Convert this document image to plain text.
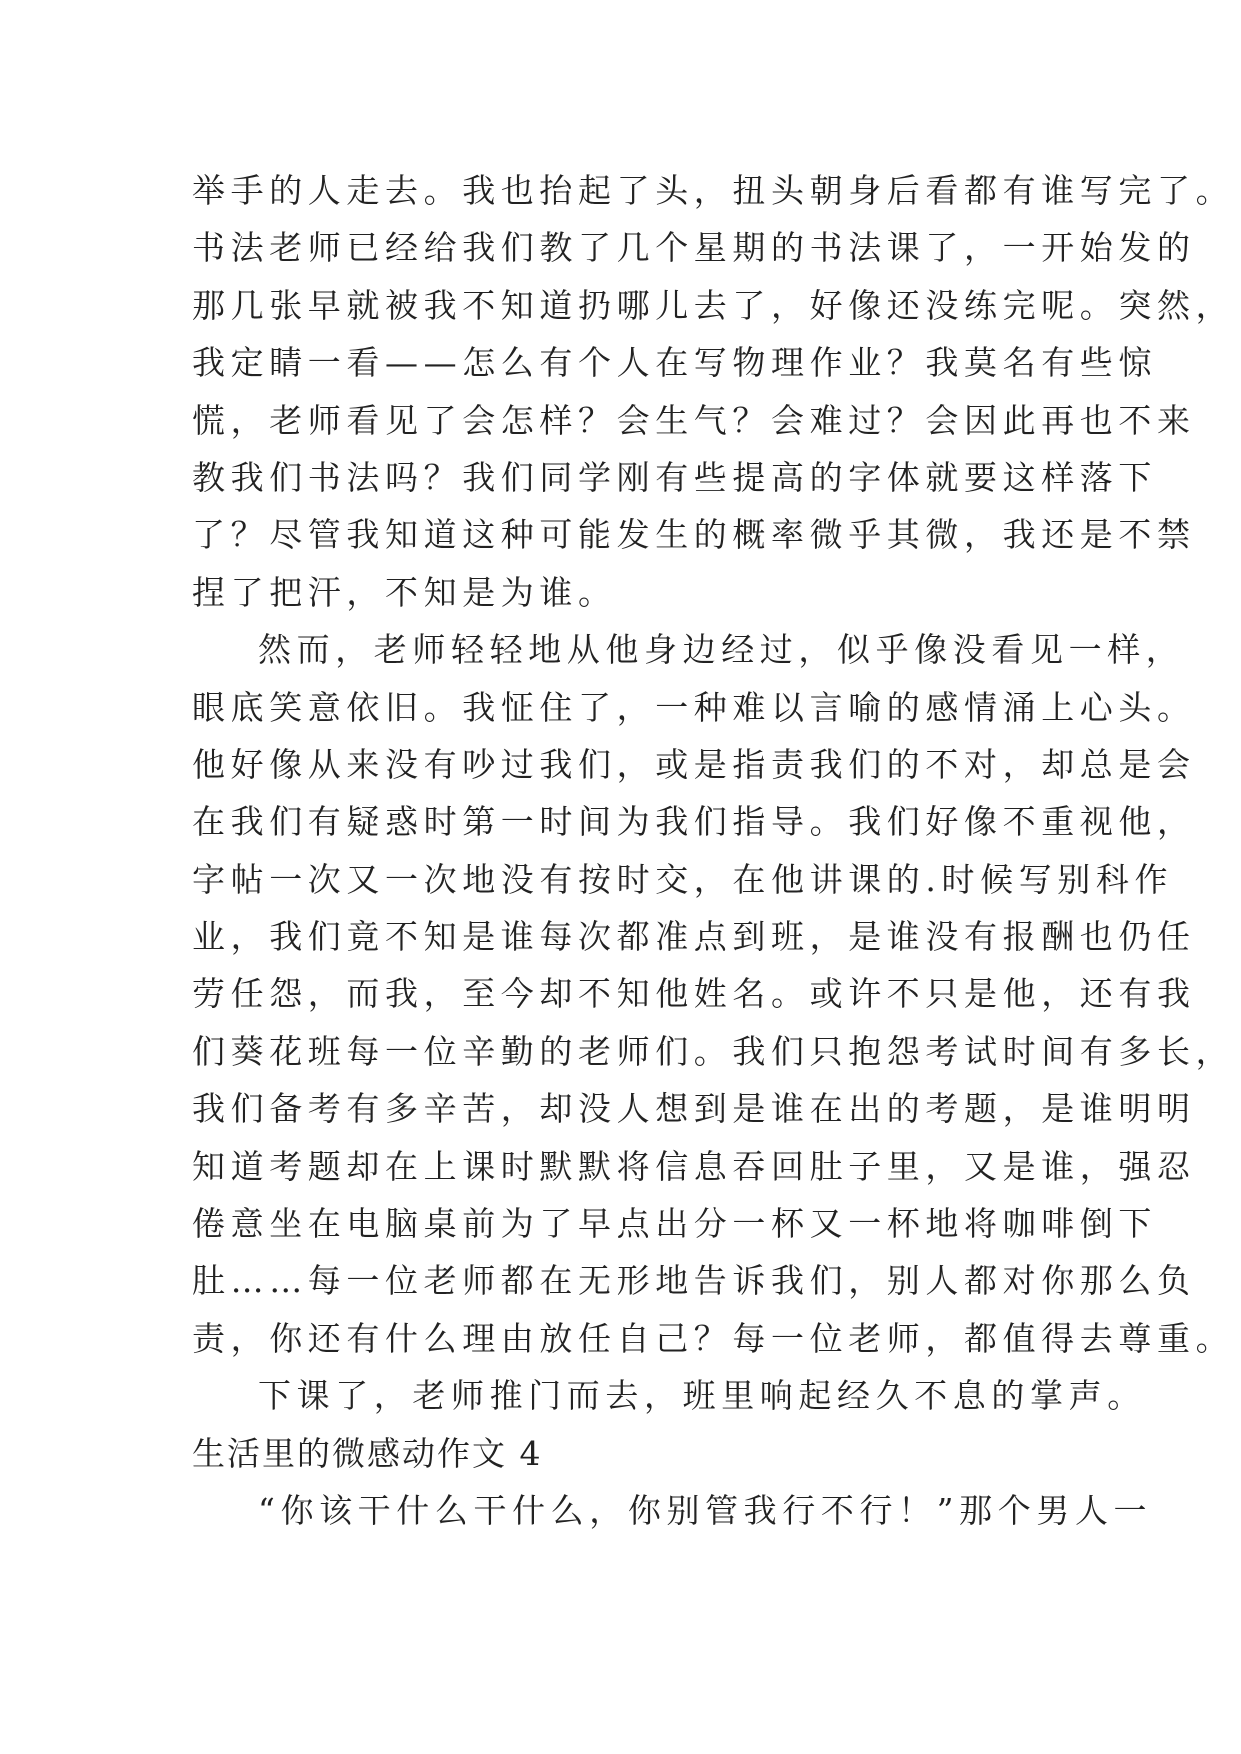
举手的人走去。我也抬起了头，扭头朝身后看都有谁写完了。
书法老师已经给我们教了几个星期的书法课了，一开始发的
那几张早就被我不知道扔哪儿去了，好像还没练完呢。突然，
我定睛一看——怎么有个人在写物理作业？我莫名有些惊
慌，老师看见了会怎样？会生气？会难过？会因此再也不来
教我们书法吗？我们同学刚有些提高的字体就要这样落下
了？尽管我知道这种可能发生的概率微乎其微，我还是不禁
捏了把汗，不知是为谁。
然而，老师轻轻地从他身边经过，似乎像没看见一样，
眼底笑意依旧。我怔住了，一种难以言喻的感情涌上心头。
他好像从来没有吵过我们，或是指责我们的不对，却总是会
在我们有疑惑时第一时间为我们指导。我们好像不重视他，
字帖一次又一次地没有按时交，在他讲课的.时候写别科作
业，我们竟不知是谁每次都准点到班，是谁没有报酬也仍任
劳任怨，而我，至今却不知他姓名。或许不只是他，还有我
们葵花班每一位辛勤的老师们。我们只抱怨考试时间有多长，
我们备考有多辛苦，却没人想到是谁在出的考题，是谁明明
知道考题却在上课时默默将信息吞回肚子里，又是谁，强忍
倦意坐在电脑桌前为了早点出分一杯又一杯地将咖啡倒下
肚……每一位老师都在无形地告诉我们，别人都对你那么负
责，你还有什么理由放任自己？每一位老师，都值得去尊重。
下课了，老师推门而去，班里响起经久不息的掌声。
生活里的微感动作文 4
“你该干什么干什么，你别管我行不行！”那个男人一
